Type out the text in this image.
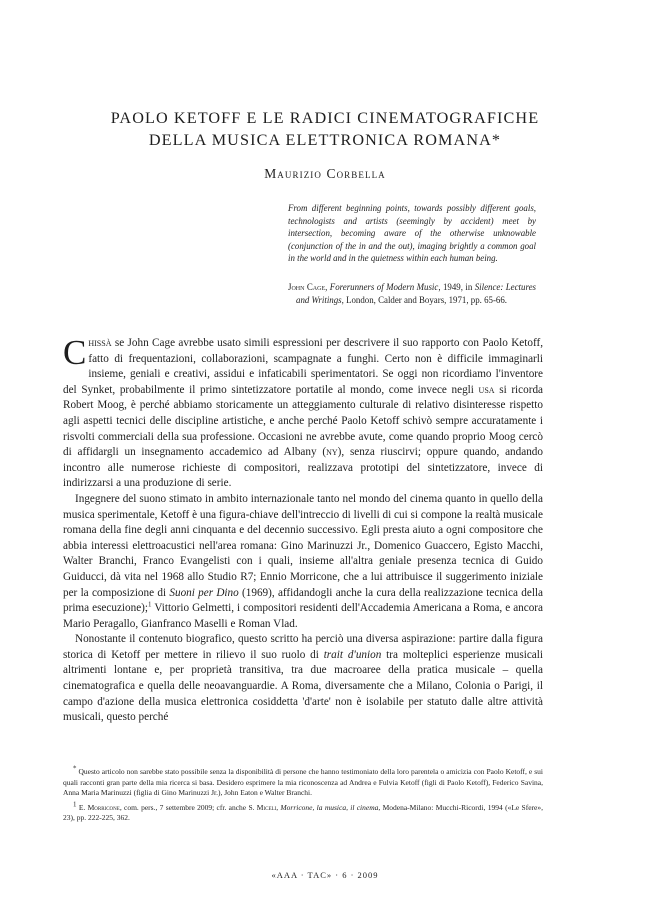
PAOLO KETOFF E LE RADICI CINEMATOGRAFICHE
DELLA MUSICA ELETTRONICA ROMANA*
Maurizio Corbella
From different beginning points, towards possibly different goals, technologists and artists (seemingly by accident) meet by intersection, becoming aware of the otherwise unknowable (conjunction of the in and the out), imaging brightly a common goal in the world and in the quietness within each human being.
John Cage, Forerunners of Modern Music, 1949, in Silence: Lectures and Writings, London, Calder and Boyars, 1971, pp. 65-66.

Chissà se John Cage avrebbe usato simili espressioni per descrivere il suo rapporto con Paolo Ketoff, fatto di frequentazioni, collaborazioni, scampagnate a funghi. Certo non è difficile immaginarli insieme, geniali e creativi, assidui e infaticabili sperimentatori. Se oggi non ricordiamo l'inventore del Synket, probabilmente il primo sintetizzatore portatile al mondo, come invece negli usa si ricorda Robert Moog, è perché abbiamo storicamente un atteggiamento culturale di relativo disinteresse rispetto agli aspetti tecnici delle discipline artistiche, e anche perché Paolo Ketoff schivò sempre accuratamente i risvolti commerciali della sua professione. Occasioni ne avrebbe avute, come quando proprio Moog cercò di affidargli un insegnamento accademico ad Albany (ny), senza riuscirvi; oppure quando, andando incontro alle numerose richieste di compositori, realizzava prototipi del sintetizzatore, invece di indirizzarsi a una produzione di serie.

Ingegnere del suono stimato in ambito internazionale tanto nel mondo del cinema quanto in quello della musica sperimentale, Ketoff è una figura-chiave dell'intreccio di livelli di cui si compone la realtà musicale romana della fine degli anni cinquanta e del decennio successivo. Egli presta aiuto a ogni compositore che abbia interessi elettroacustici nell'area romana: Gino Marinuzzi Jr., Domenico Guaccero, Egisto Macchi, Walter Branchi, Franco Evangelisti con i quali, insieme all'altra geniale presenza tecnica di Guido Guiducci, dà vita nel 1968 allo Studio R7; Ennio Morricone, che a lui attribuisce il suggerimento iniziale per la composizione di Suoni per Dino (1969), affidandogli anche la cura della realizzazione tecnica della prima esecuzione);$^1$ Vittorio Gelmetti, i compositori residenti dell'Accademia Americana a Roma, e ancora Mario Peragallo, Gianfranco Maselli e Roman Vlad.

Nonostante il contenuto biografico, questo scritto ha perciò una diversa aspirazione: partire dalla figura storica di Ketoff per mettere in rilievo il suo ruolo di trait d'union tra molteplici esperienze musicali altrimenti lontane e, per proprietà transitiva, tra due macroaree della pratica musicale – quella cinematografica e quella delle neoavanguardie. A Roma, diversamente che a Milano, Colonia o Parigi, il campo d'azione della musica elettronica cosiddetta 'd'arte' non è isolabile per statuto dalle altre attività musicali, questo perché

* Questo articolo non sarebbe stato possibile senza la disponibilità di persone che hanno testimoniato della loro parentela o amicizia con Paolo Ketoff, e sui quali racconti gran parte della mia ricerca si basa. Desidero esprimere la mia riconoscenza ad Andrea e Fulvia Ketoff (figli di Paolo Ketoff), Federico Savina, Anna Maria Marinuzzi (figlia di Gino Marinuzzi Jr.), John Eaton e Walter Branchi.

$^1$ E. Morricone, com. pers., 7 settembre 2009; cfr. anche S. Miceli, Morricone, la musica, il cinema, Modena-Milano: Mucchi-Ricordi, 1994 («Le Sfere», 23), pp. 222-225, 362.

«AAA · TAC» · 6 · 2009
